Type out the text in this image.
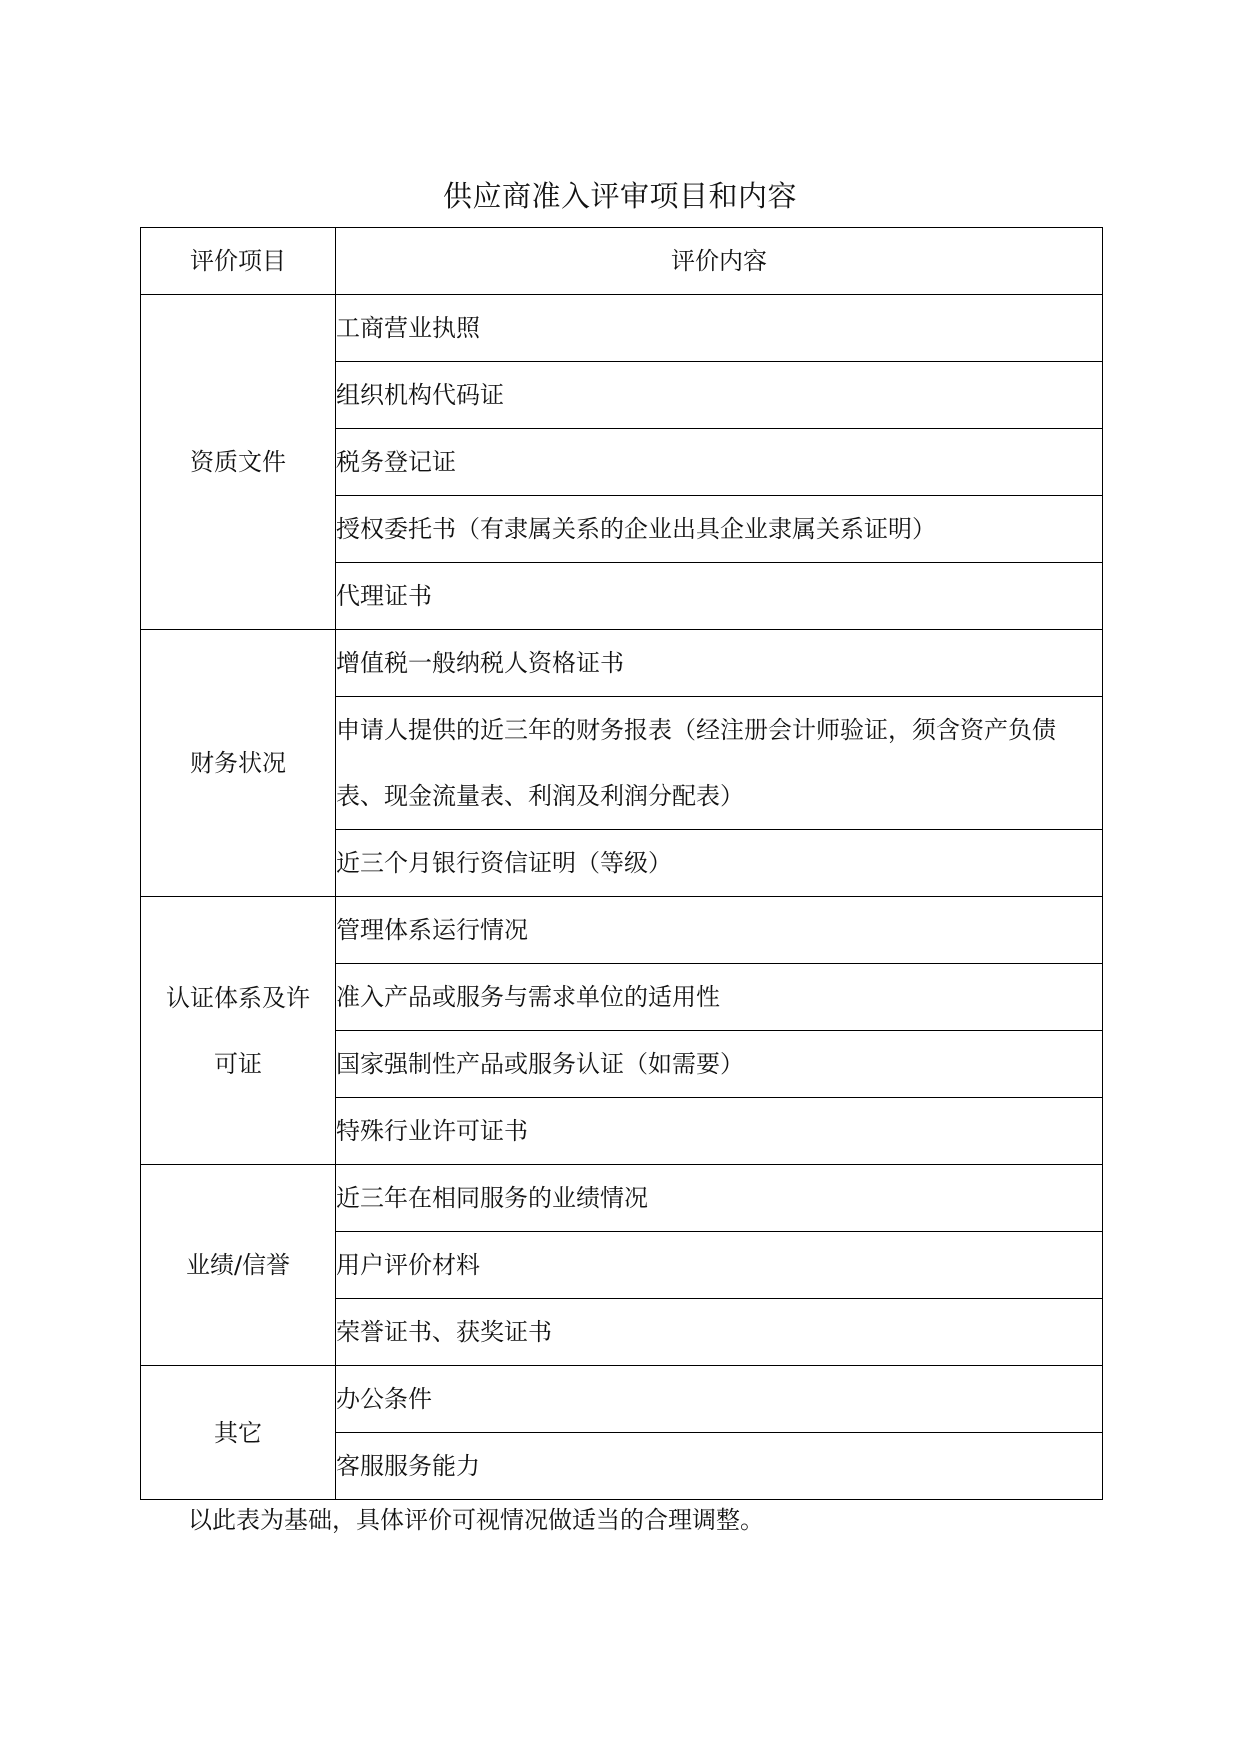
供应商准入评审项目和内容
评价项目	评价内容
资质文件	工商营业执照
	组织机构代码证
	税务登记证
	授权委托书（有隶属关系的企业出具企业隶属关系证明）
	代理证书
财务状况	增值税一般纳税人资格证书
	申请人提供的近三年的财务报表（经注册会计师验证，须含资产负债表、现金流量表、利润及利润分配表）
	近三个月银行资信证明（等级）
认证体系及许可证	管理体系运行情况
	准入产品或服务与需求单位的适用性
	国家强制性产品或服务认证（如需要）
	特殊行业许可证书
业绩/信誉	近三年在相同服务的业绩情况
	用户评价材料
	荣誉证书、获奖证书
其它	办公条件
	客服服务能力
以此表为基础，具体评价可视情况做适当的合理调整。
